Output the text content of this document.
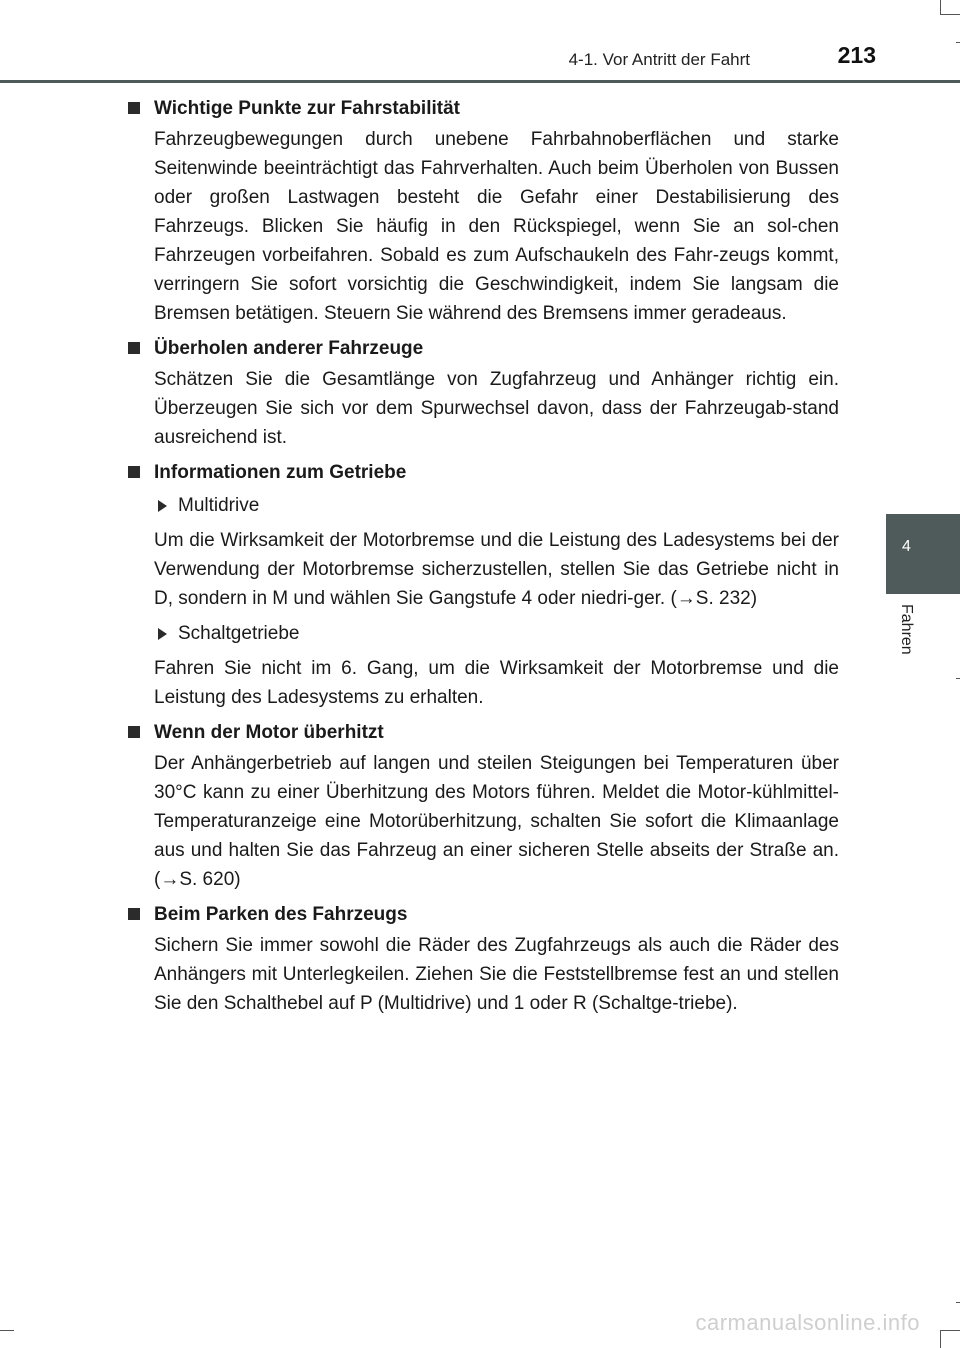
4-1. Vor Antritt der Fahrt	213
4
Fahren
Wichtige Punkte zur Fahrstabilität

Fahrzeugbewegungen durch unebene Fahrbahnoberflächen und starke Seitenwinde beeinträchtigt das Fahrverhalten. Auch beim Überholen von Bussen oder großen Lastwagen besteht die Gefahr einer Destabilisierung des Fahrzeugs. Blicken Sie häufig in den Rückspiegel, wenn Sie an sol-chen Fahrzeugen vorbeifahren. Sobald es zum Aufschaukeln des Fahr-zeugs kommt, verringern Sie sofort vorsichtig die Geschwindigkeit, indem Sie langsam die Bremsen betätigen. Steuern Sie während des Bremsens immer geradeaus.

Überholen anderer Fahrzeuge

Schätzen Sie die Gesamtlänge von Zugfahrzeug und Anhänger richtig ein. Überzeugen Sie sich vor dem Spurwechsel davon, dass der Fahrzeugab-stand ausreichend ist.

Informationen zum Getriebe
Multidrive

Um die Wirksamkeit der Motorbremse und die Leistung des Ladesystems bei der Verwendung der Motorbremse sicherzustellen, stellen Sie das Getriebe nicht in D, sondern in M und wählen Sie Gangstufe 4 oder niedri-ger. (→S. 232)

Schaltgetriebe

Fahren Sie nicht im 6. Gang, um die Wirksamkeit der Motorbremse und die Leistung des Ladesystems zu erhalten.

Wenn der Motor überhitzt

Der Anhängerbetrieb auf langen und steilen Steigungen bei Temperaturen über 30°C kann zu einer Überhitzung des Motors führen. Meldet die Motor-kühlmittel-Temperaturanzeige eine Motorüberhitzung, schalten Sie sofort die Klimaanlage aus und halten Sie das Fahrzeug an einer sicheren Stelle abseits der Straße an. (→S. 620)

Beim Parken des Fahrzeugs

Sichern Sie immer sowohl die Räder des Zugfahrzeugs als auch die Räder des Anhängers mit Unterlegkeilen. Ziehen Sie die Feststellbremse fest an und stellen Sie den Schalthebel auf P (Multidrive) und 1 oder R (Schaltge-triebe).

carmanualsonline.info
